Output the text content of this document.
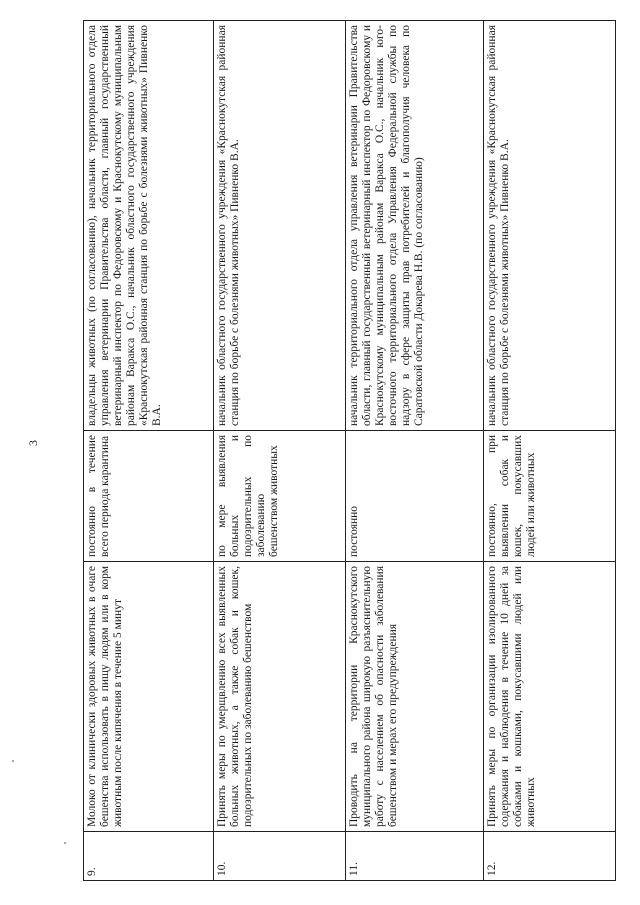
3
9.	Молоко от клинически здоровых животных в очаге бешенства использовать в пищу людям или в корм животным после кипячения в течение 5 минут	постоянно в течение всего периода карантина	владельцы животных (по согласованию), начальник территориального отдела управления ветеринарии Правительства области, главный государственный ветеринарный инспектор по Федоровскому и Краснокутскому муниципальным районам Варакса О.С., начальник областного государственного учреждения «Краснокутская районная станция по борьбе с болезнями животных» Пивненко В.А.
10.	Принять меры по умерщвлению всех выявленных больных животных, а также собак и кошек, подозрительных по заболеванию бешенством	по мере выявления больных и подозрительных по заболеванию бешенством животных	начальник областного государственного учреждения «Краснокутская районная станция по борьбе с болезнями животных» Пивненко В.А.
11.	Проводить на территории Краснокутского муниципального района широкую разъяснительную работу с населением об опасности заболевания бешенством и мерах его предупреждения	постоянно	начальник территориального отдела управления ветеринарии Правительства области, главный государственный ветеринарный инспектор по Федоровскому и Краснокутскому муниципальным районам Варакса О.С., начальник юго-восточного территориального отдела Управления Федеральной службы по надзору в сфере защиты прав потребителей и благополучия человека по Саратовской области Докарева Н.В. (по согласованию)
12.	Принять меры по организации изолированного содержания и наблюдения в течение 10 дней за собаками и кошками, покусавшими людей или животных	постоянно, при выявлении собак и кошек, покусавших людей или животных	начальник областного государственного учреждения «Краснокутская районная станция по борьбе с болезнями животных» Пивненко В.А.
